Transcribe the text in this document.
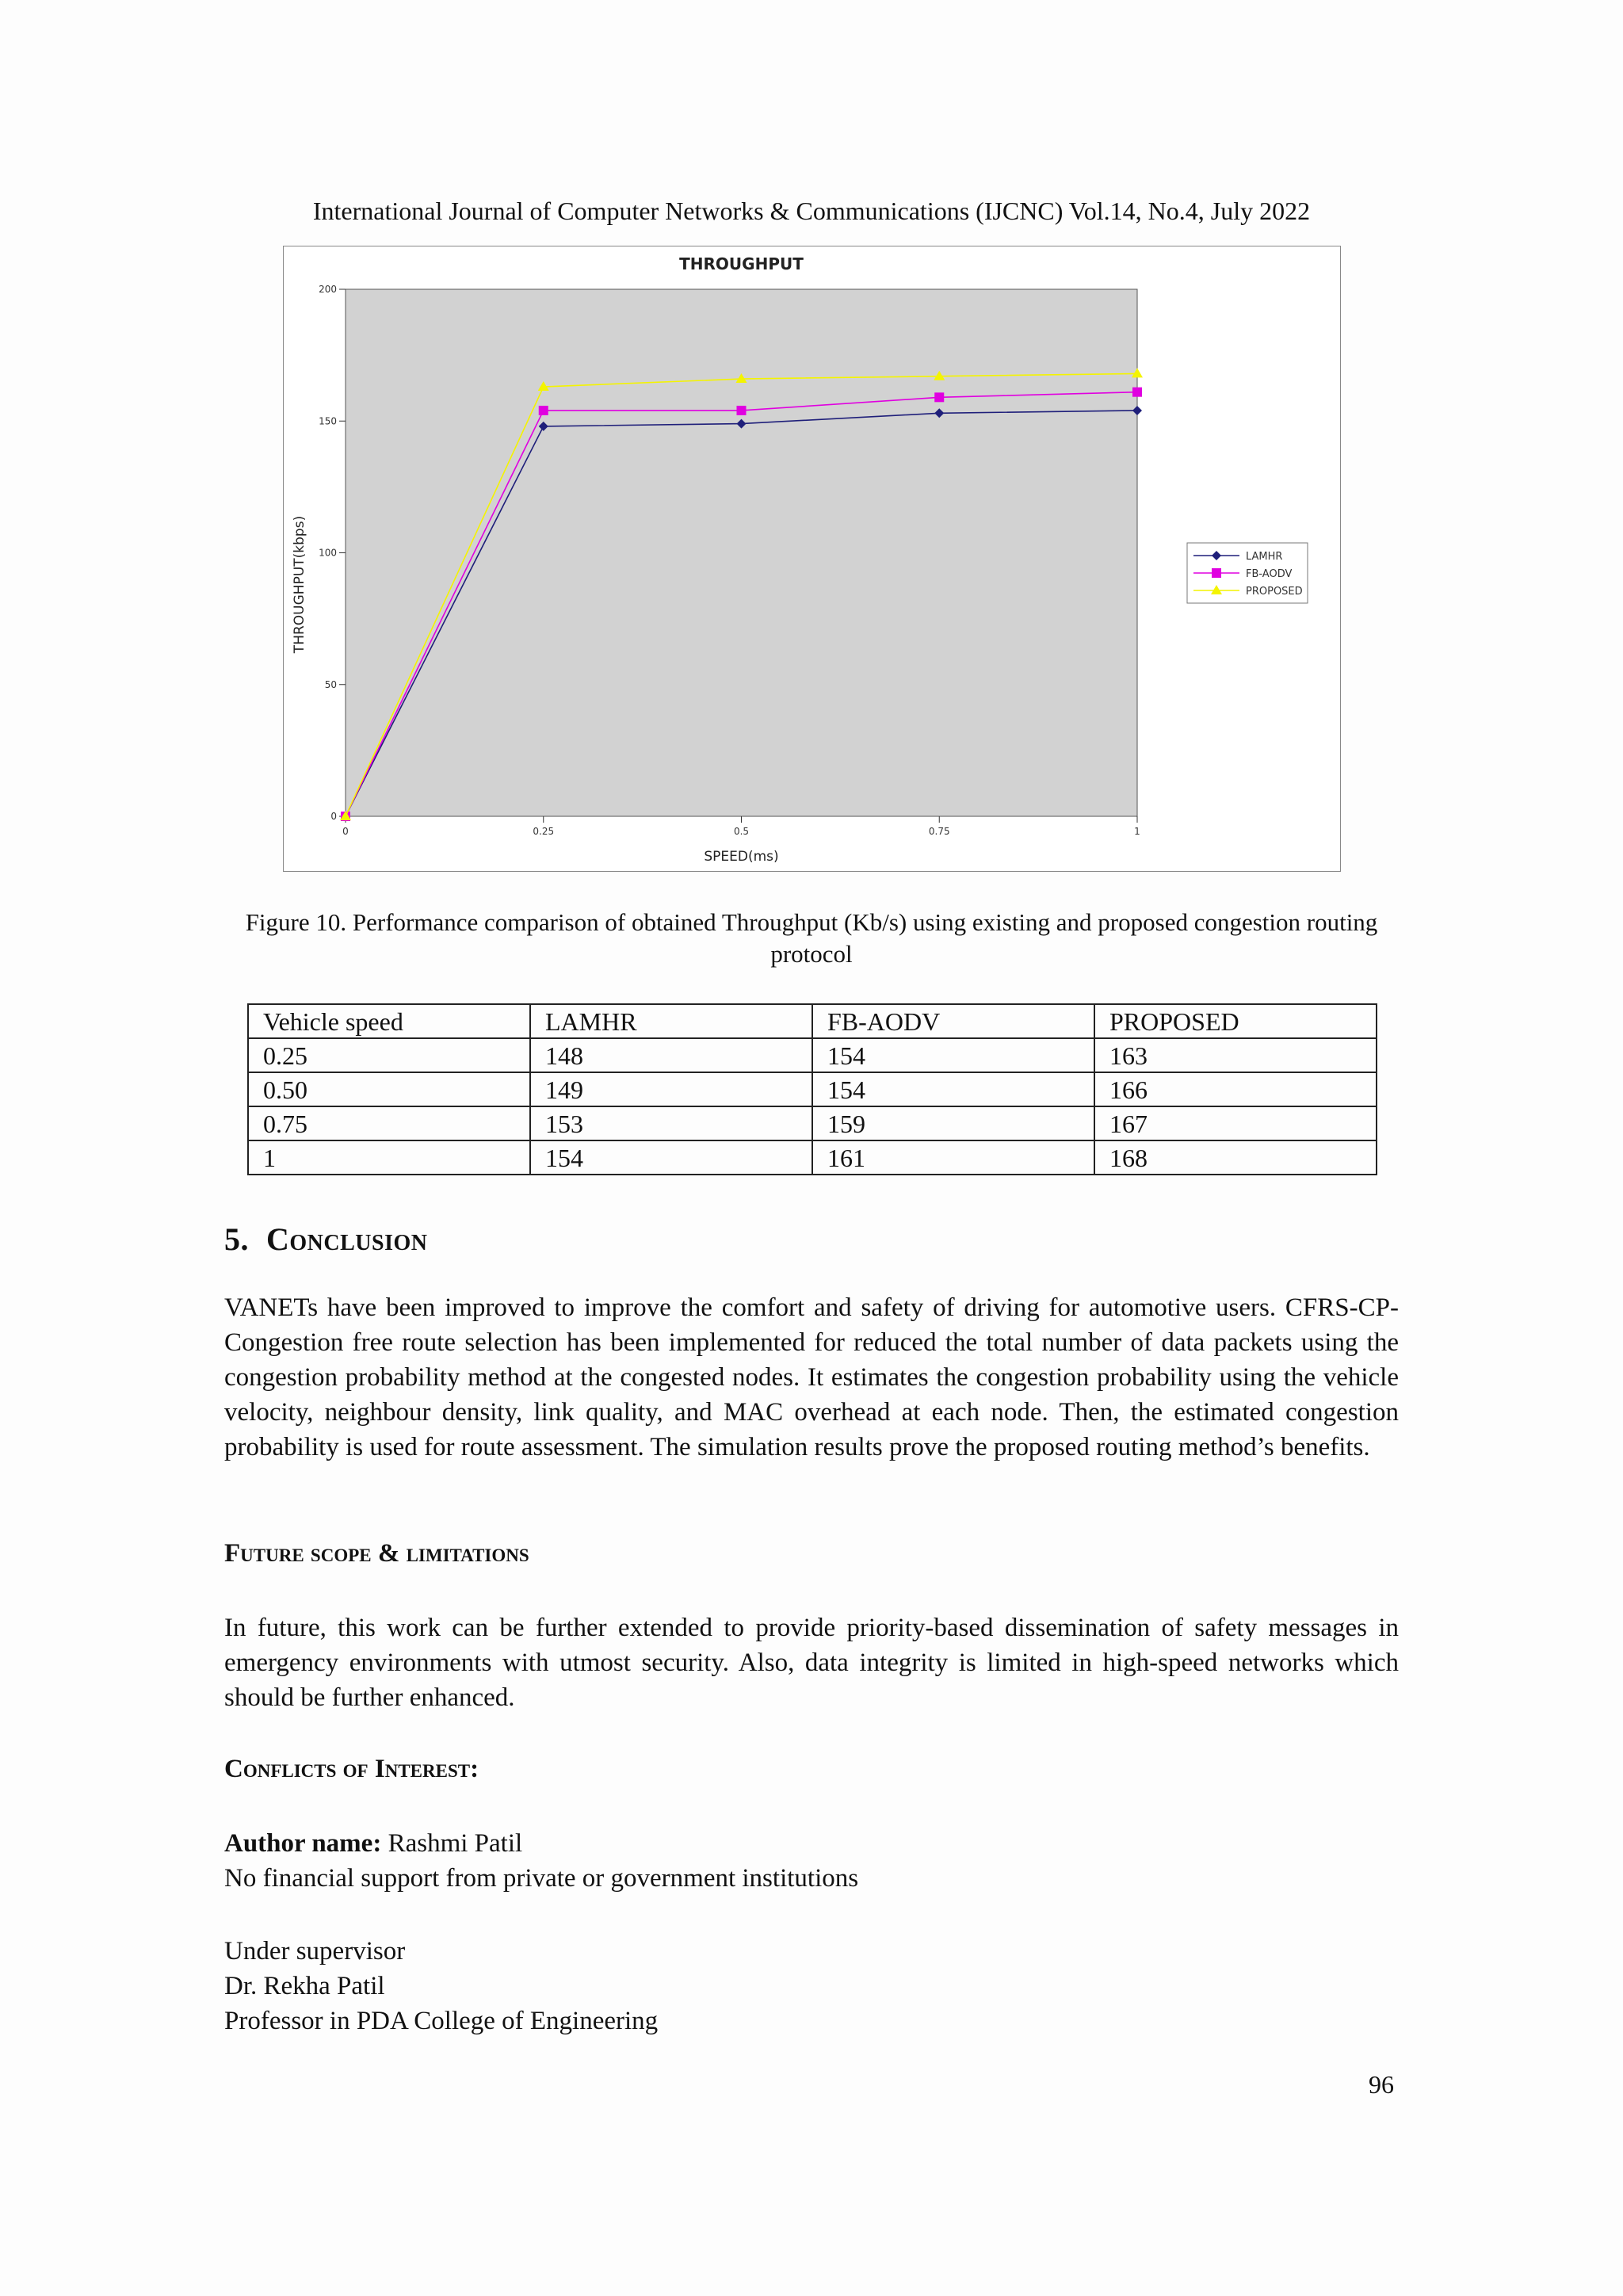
International Journal of Computer Networks & Communications (IJCNC) Vol.14, No.4, July 2022
THROUGHPUT
0
50
100
150
200
0	0.25	0.5	0.75	1
SPEED(ms)
THROUGHPUT(kbps)	LAMHR
FB-AODV
PROPOSED
Figure 10. Performance comparison of obtained Throughput (Kb/s) using existing and proposed congestion routing protocol
Vehicle speed	LAMHR	FB-AODV	PROPOSED
0.25	148	154	163
0.50	149	154	166
0.75	153	159	167
1	154	161	168
5. Conclusion
VANETs have been improved to improve the comfort and safety of driving for automotive users. CFRS-CP-Congestion free route selection has been implemented for reduced the total number of data packets using the congestion probability method at the congested nodes. It estimates the congestion probability using the vehicle velocity, neighbour density, link quality, and MAC overhead at each node. Then, the estimated congestion probability is used for route assessment. The simulation results prove the proposed routing method’s benefits.
Future scope & limitations
In future, this work can be further extended to provide priority-based dissemination of safety messages in emergency environments with utmost security. Also, data integrity is limited in high-speed networks which should be further enhanced.
Conflicts of Interest:
Author name: Rashmi Patil
No financial support from private or government institutions
Under supervisor
Dr. Rekha Patil
Professor in PDA College of Engineering
96
